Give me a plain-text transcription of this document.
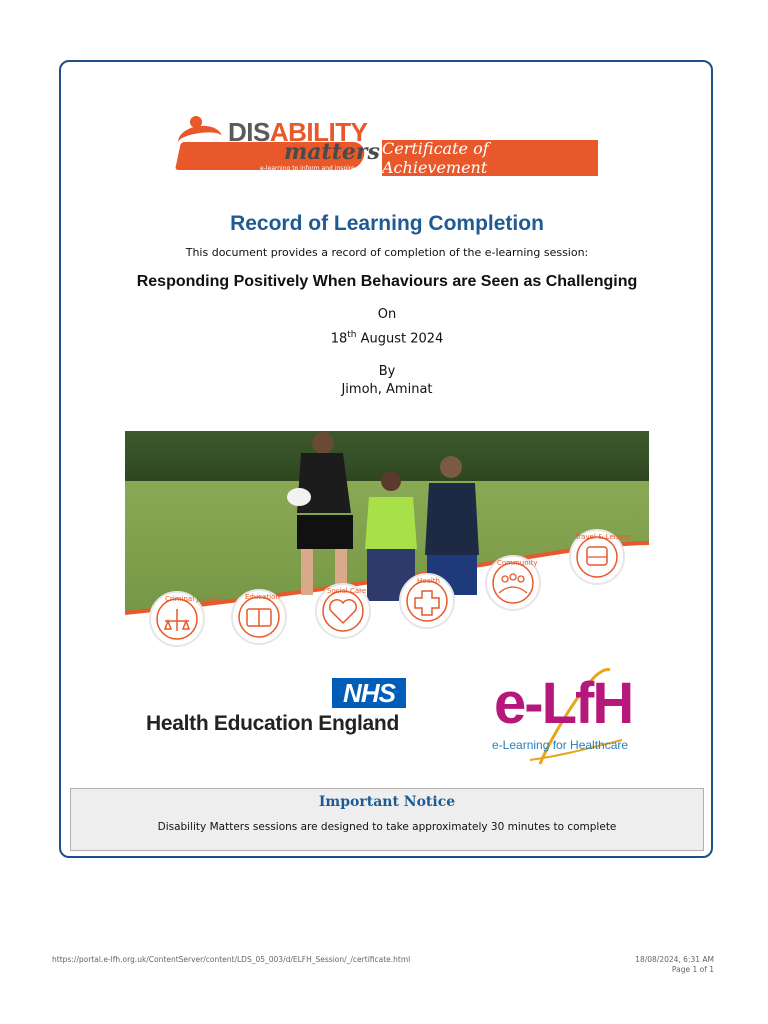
DISABILITY
matters
e-learning to inform and inspire
Certificate of Achievement
Record of Learning Completion
This document provides a record of completion of the e-learning session:
Responding Positively When Behaviours are Seen as Challenging
On
18th August 2024
By
Jimoh, Aminat
Criminal Justice	Education
Social Care
Health
Community
Travel & Leisure
NHS
Health Education England e-LfH
e-Learning for Healthcare
Important Notice
Disability Matters sessions are designed to take approximately 30 minutes to complete
https://portal.e-lfh.org.uk/ContentServer/content/LDS_05_003/d/ELFH_Session/_/certificate.html	18/08/2024, 6:31 AM
Page 1 of 1
